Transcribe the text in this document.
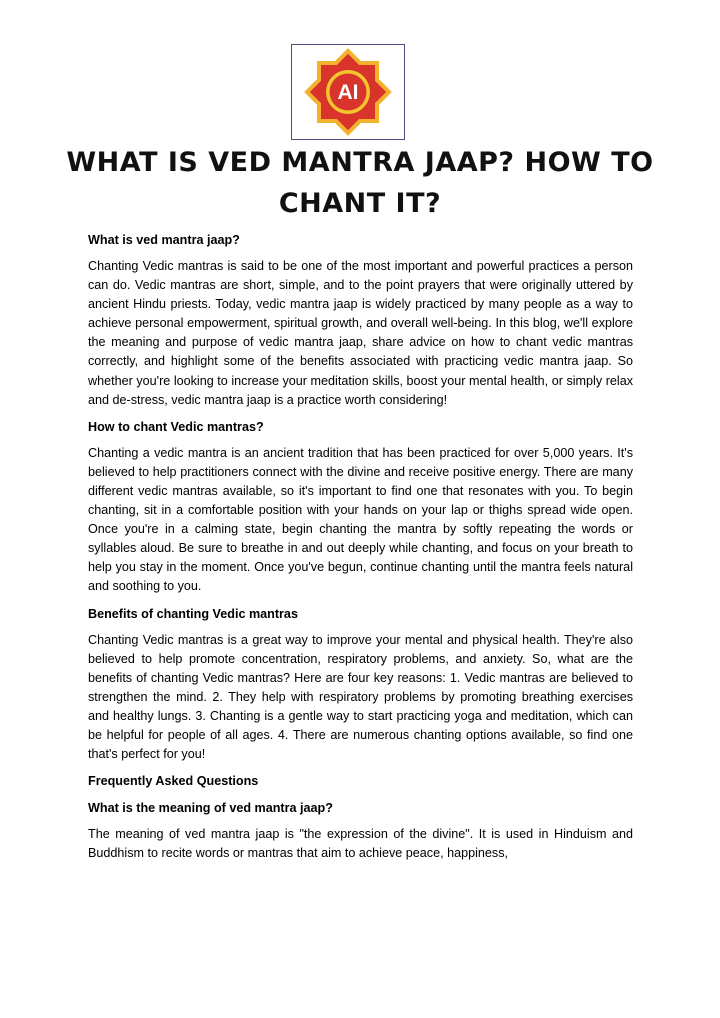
AI
WHAT IS VED MANTRA JAAP? HOW TO CHANT IT?
What is ved mantra jaap?

Chanting Vedic mantras is said to be one of the most important and powerful practices a person can do. Vedic mantras are short, simple, and to the point prayers that were originally uttered by ancient Hindu priests. Today, vedic mantra jaap is widely practiced by many people as a way to achieve personal empowerment, spiritual growth, and overall well-being. In this blog, we'll explore the meaning and purpose of vedic mantra jaap, share advice on how to chant vedic mantras correctly, and highlight some of the benefits associated with practicing vedic mantra jaap. So whether you're looking to increase your meditation skills, boost your mental health, or simply relax and de-stress, vedic mantra jaap is a practice worth considering!

How to chant Vedic mantras?

Chanting a vedic mantra is an ancient tradition that has been practiced for over 5,000 years. It's believed to help practitioners connect with the divine and receive positive energy. There are many different vedic mantras available, so it's important to find one that resonates with you. To begin chanting, sit in a comfortable position with your hands on your lap or thighs spread wide open. Once you're in a calming state, begin chanting the mantra by softly repeating the words or syllables aloud. Be sure to breathe in and out deeply while chanting, and focus on your breath to help you stay in the moment. Once you've begun, continue chanting until the mantra feels natural and soothing to you.

Benefits of chanting Vedic mantras

Chanting Vedic mantras is a great way to improve your mental and physical health. They're also believed to help promote concentration, respiratory problems, and anxiety. So, what are the benefits of chanting Vedic mantras? Here are four key reasons: 1. Vedic mantras are believed to strengthen the mind. 2. They help with respiratory problems by promoting breathing exercises and healthy lungs. 3. Chanting is a gentle way to start practicing yoga and meditation, which can be helpful for people of all ages. 4. There are numerous chanting options available, so find one that's perfect for you!

Frequently Asked Questions
What is the meaning of ved mantra jaap?

The meaning of ved mantra jaap is "the expression of the divine". It is used in Hinduism and Buddhism to recite words or mantras that aim to achieve peace, happiness,
